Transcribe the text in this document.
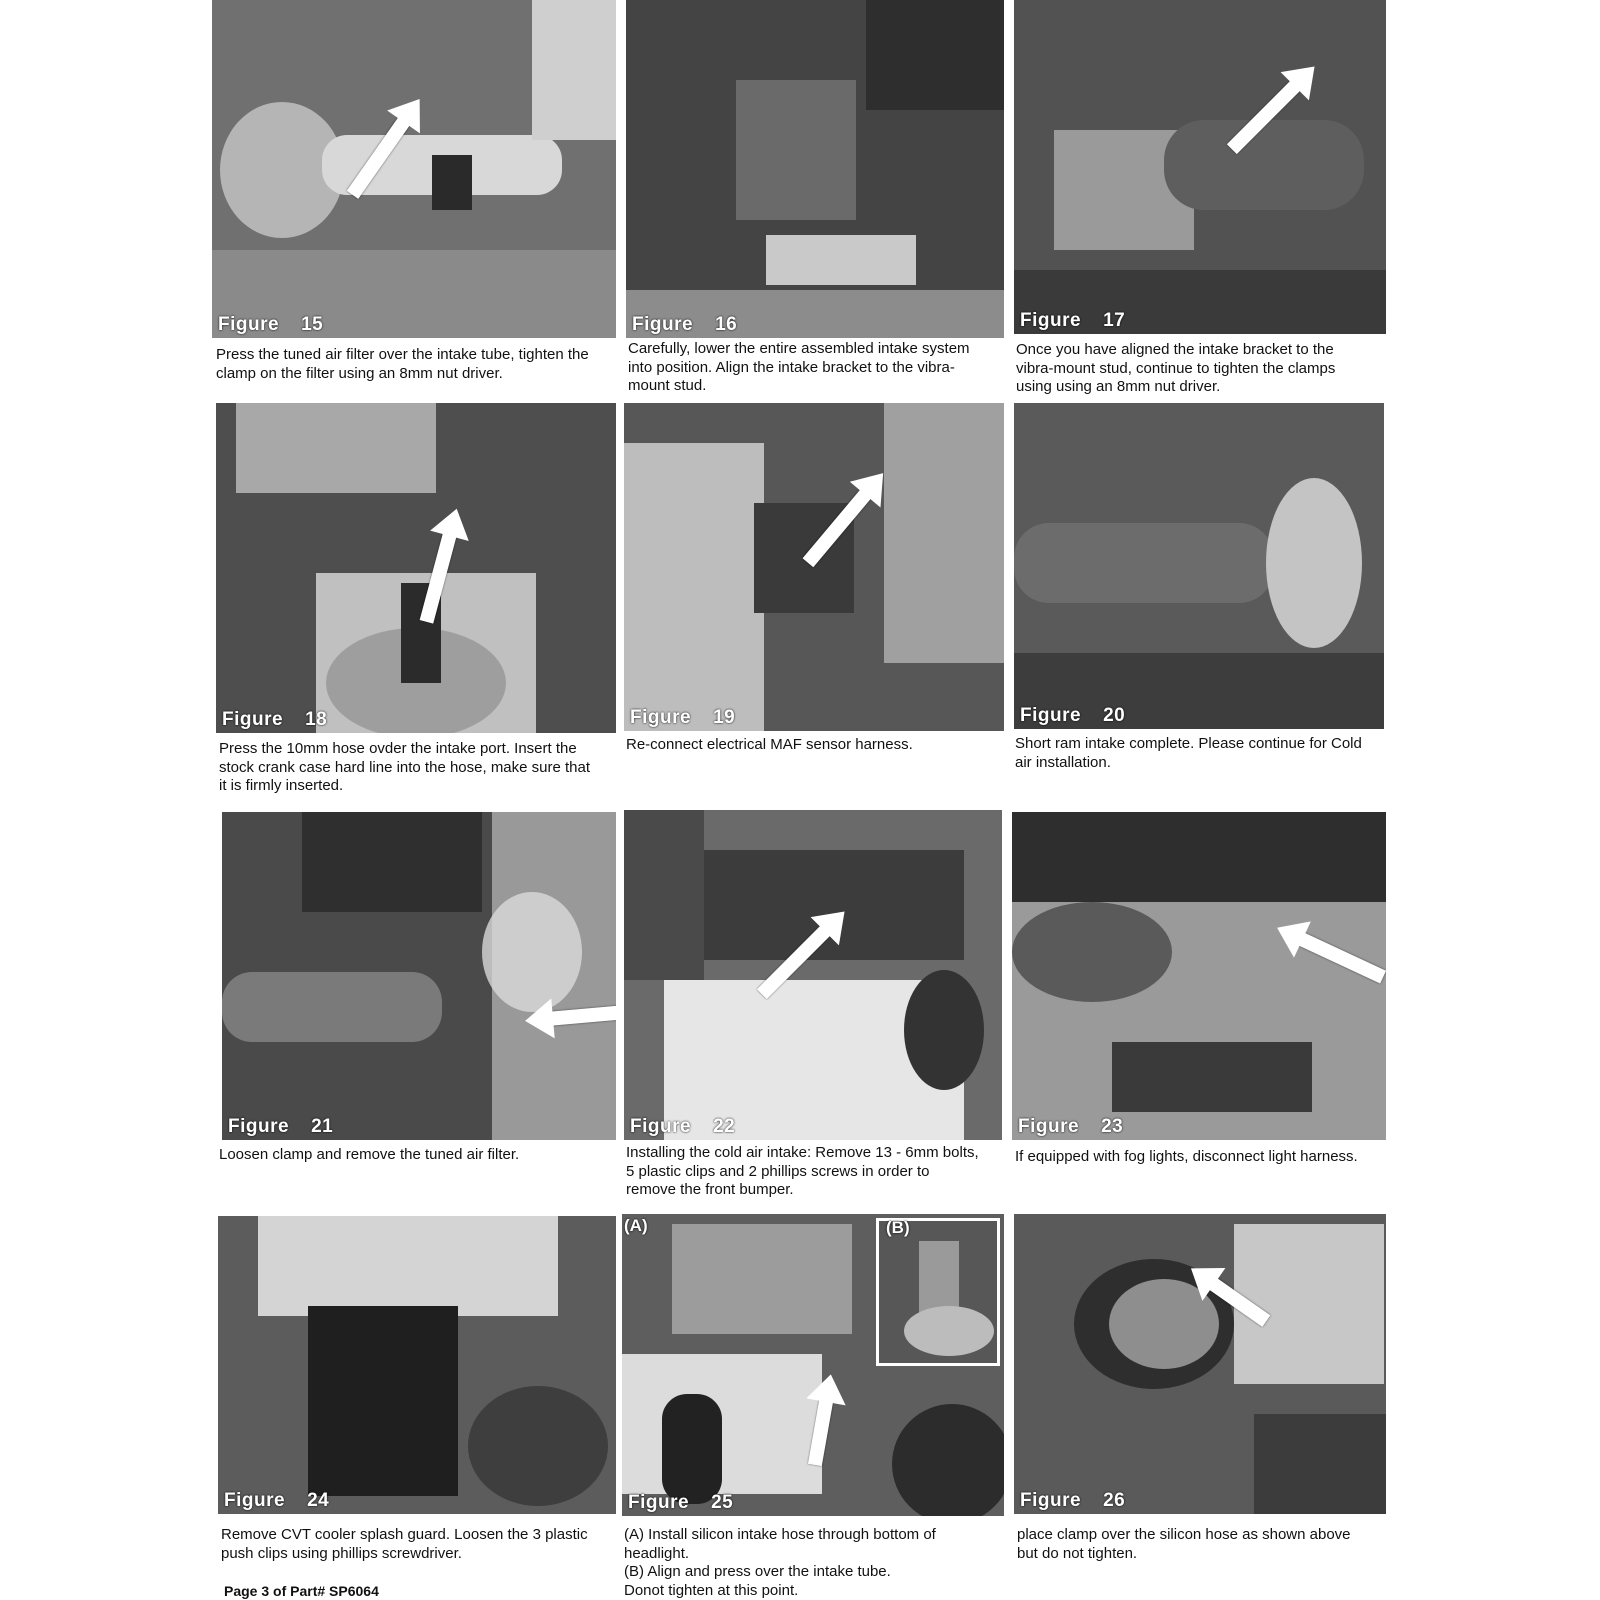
Figure 15
Press the tuned air filter over the intake tube, tighten the
clamp on the filter using an 8mm nut driver.
Figure 16
Carefully, lower the entire assembled intake system
into position. Align the intake bracket to the vibra-
mount stud.
Figure 17
Once you have aligned the intake bracket to the
vibra-mount stud, continue to tighten the clamps
using using an 8mm nut driver.
Figure 18
Press the 10mm hose ovder the intake port. Insert the
stock crank case hard line into the hose, make sure that
it is firmly inserted.
Figure 19
Re-connect electrical MAF sensor harness.
Figure 20
Short ram intake complete. Please continue for Cold
air installation.
Figure 21
Loosen clamp and remove the tuned air filter.
Figure 22
Installing the cold air intake: Remove 13 - 6mm bolts,
5 plastic clips and 2 phillips screws in order to
remove the front bumper.
Figure 23
If equipped with fog lights, disconnect light harness.
Figure 24
Remove CVT cooler splash guard. Loosen the 3 plastic
push clips using phillips screwdriver.
(A)	(B)
Figure 25
(A) Install silicon intake hose through bottom of
headlight.
(B) Align and press over the intake tube.
Donot tighten at this point.
Figure 26
place clamp over the silicon hose as shown above
but do not tighten.
Page 3 of Part# SP6064
